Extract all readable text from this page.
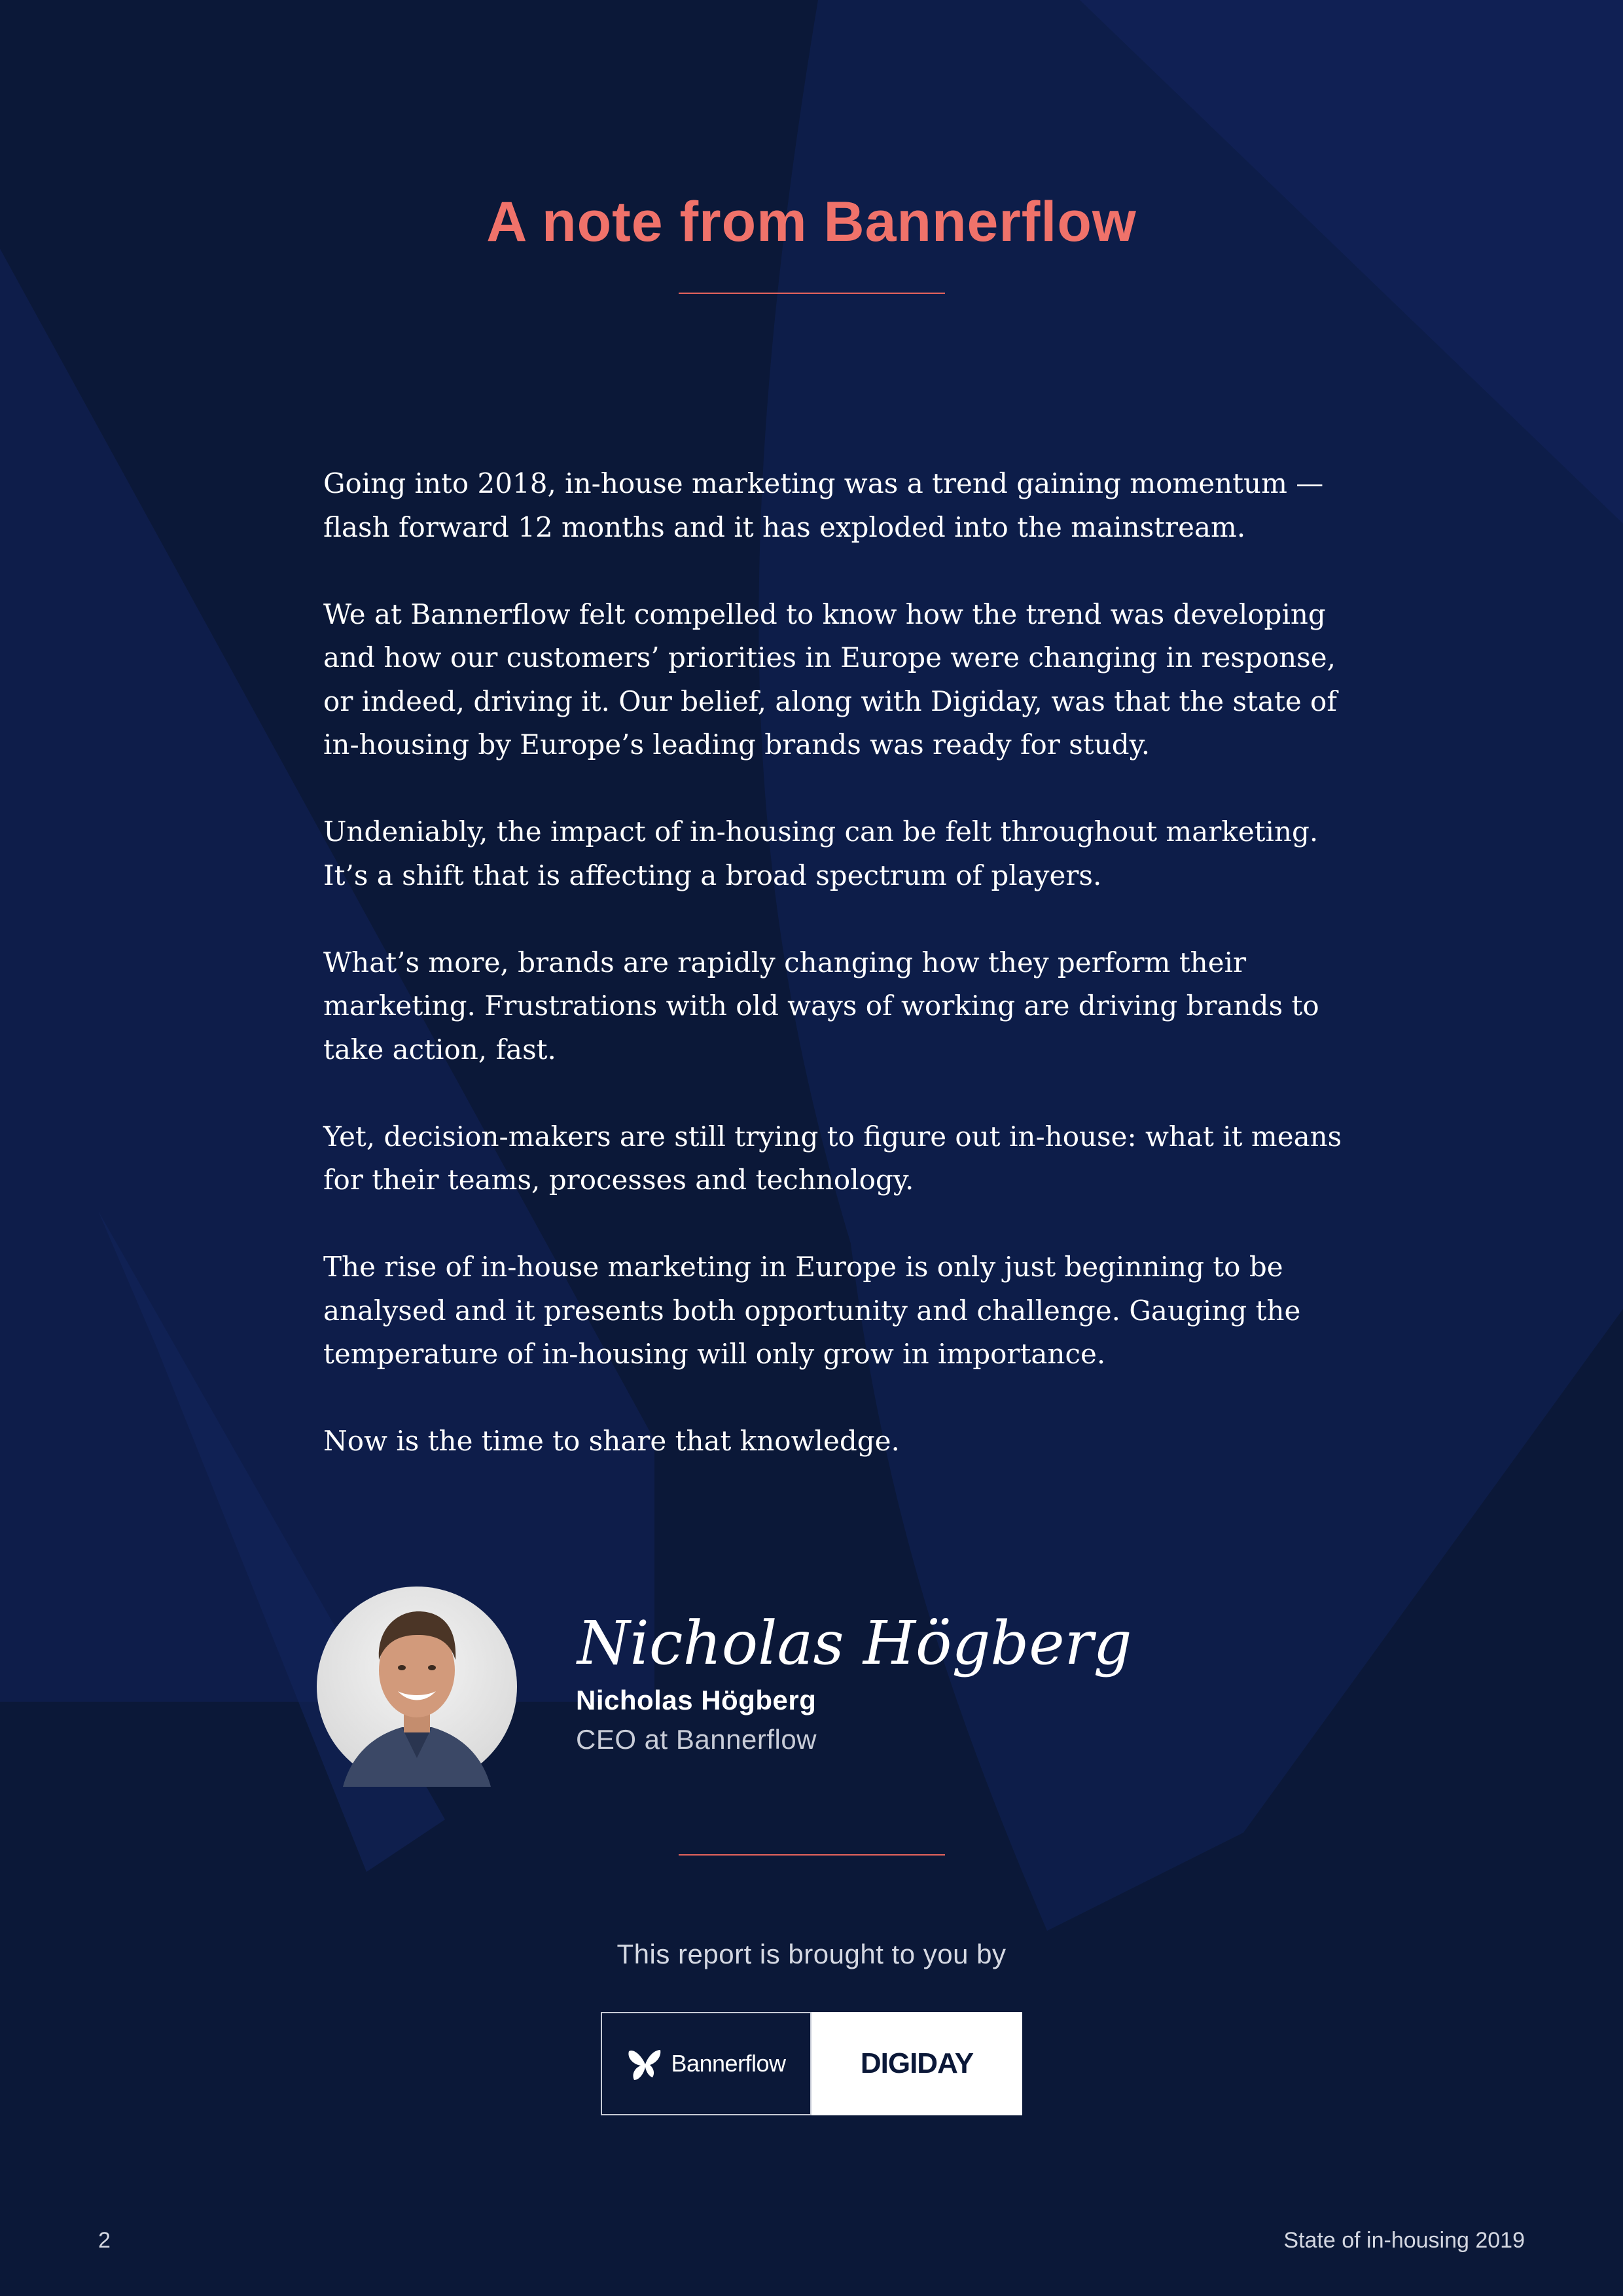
A note from Bannerflow

Going into 2018, in-house marketing was a trend gaining momentum — flash forward 12 months and it has exploded into the mainstream.

We at Bannerflow felt compelled to know how the trend was developing and how our customers’ priorities in Europe were changing in response, or indeed, driving it. Our belief, along with Digiday, was that the state of in-housing by Europe’s leading brands was ready for study.

Undeniably, the impact of in-housing can be felt throughout marketing. It’s a shift that is affecting a broad spectrum of players.

What’s more, brands are rapidly changing how they perform their marketing. Frustrations with old ways of working are driving brands to take action, fast.

Yet, decision-makers are still trying to figure out in-house: what it means for their teams, processes and technology.

The rise of in-house marketing in Europe is only just beginning to be analysed and it presents both opportunity and challenge. Gauging the temperature of in-housing will only grow in importance.

Now is the time to share that knowledge.

Nicholas Högberg
Nicholas Högberg
CEO at Bannerflow
This report is brought to you by
Bannerflow	DIGIDAY
2	State of in-housing 2019
